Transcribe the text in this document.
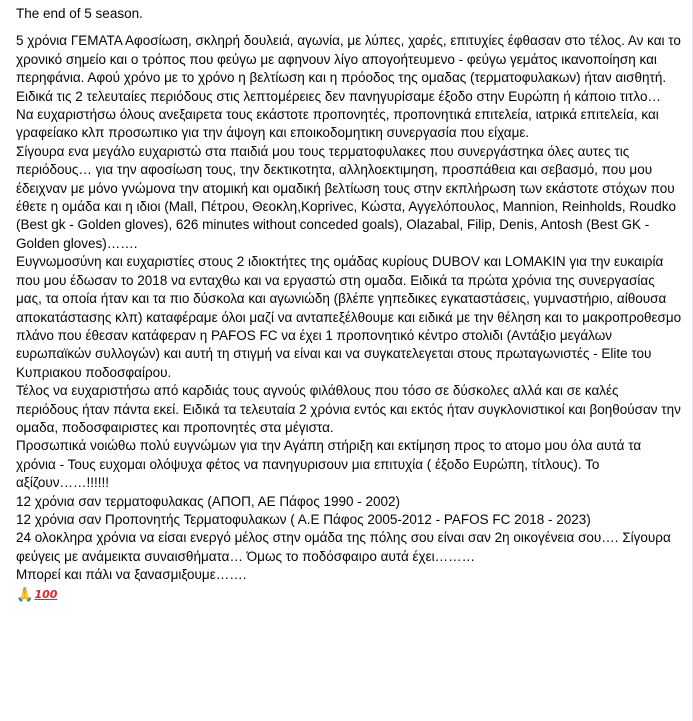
The end of 5 season.
5 χρόνια ΓΕΜΑΤΑ Αφοσίωση, σκληρή δουλειά, αγωνία, με λύπες, χαρές, επιτυχίες έφθασαν στο τέλος. Αν και το χρονικό σημείο και ο τρόπος που φεύγω με αφηνουν λίγο απογοήτευμενο - φεύγω γεμάτος ικανοποίηση και περηφάνια. Αφού χρόνο με το χρόνο η βελτίωση και η πρόοδος της ομαδας (τερματοφυλακων) ήταν αισθητή. Ειδικά τις 2 τελευταίες περιόδους στις λεπτομέρειες δεν πανηγυρίσαμε έξοδο στην Ευρώπη ή κάποιο τιτλο…
Να ευχαριστήσω όλους ανεξαιρετα τους εκάστοτε προπονητές, προπονητικά επιτελεία, ιατρικά επιτελεία, και γραφείακο κλπ προσωπικο για την άψογη και εποικοδομητικη συνεργασία που είχαμε.
Σίγουρα ενα μεγάλο ευχαριστώ στα παιδιά μου τους τερματοφυλακες που συνεργάστηκα όλες αυτες τις περιόδους… για την αφοσίωση τους, την δεκτικοτητα, αλληλοεκτιμηση, προσπάθεια και σεβασμό, που μου έδειχναν με μόνο γνώμονα την ατομική και ομαδική βελτίωση τους στην εκπλήρωση των εκάστοτε στόχων που έθετε η ομάδα και η ιδιοι (Mall, Πέτρου, Θεοκλη,Koprivec, Κώστα, Αγγελόπουλος, Mannion, Reinholds, Roudko (Best gk - Golden gloves), 626 minutes without conceded goals), Olazabal, Filip, Denis, Antosh (Best GK - Golden gloves)…….
Ευγνωμοσύνη και ευχαριστίες στους 2 ιδιοκτήτες της ομάδας κυρίους DUBOV και LOMAKIN για την ευκαιρία που μου έδωσαν το 2018 να ενταχθω και να εργαστώ στη ομαδα. Ειδικά τα πρώτα χρόνια της συνεργασίας μας, τα οποία ήταν και τα πιο δύσκολα και αγωνιώδη (βλέπε γηπεδικες εγκαταστάσεις, γυμναστήριο, αίθουσα αποκατάστασης κλπ) καταφέραμε όλοι μαζί να ανταπεξέλθουμε και ειδικά με την θέληση και το μακροπροθεσμο πλάνο που έθεσαν κατάφεραν η PAFOS FC να έχει 1 προπονητικό κέντρο στολιδι (Αντάξιο μεγάλων ευρωπαϊκών συλλογών) και αυτή τη στιγμή να είναι και να συγκατελεγεται στους πρωταγωνιστές - Elite του Κυπριακου ποδοσφαίρου.
Τέλος να ευχαριστήσω από καρδιάς τους αγνούς φιλάθλους που τόσο σε δύσκολες αλλά και σε καλές περιόδους ήταν πάντα εκεί. Ειδικά τα τελευταία 2 χρόνια εντός και εκτός ήταν συγκλονιστικοί και βοηθούσαν την ομαδα, ποδοσφαιριστες και προπονητές στα μέγιστα.
Προσωπικά νοιώθω πολύ ευγνώμων για την Αγάπη στήριξη και εκτίμηση προς το ατομο μου όλα αυτά τα χρόνια - Τους ευχομαι ολόψυχα φέτος να πανηγυρισουν μια επιτυχία ( έξοδο Ευρώπη, τίτλους). Το αξίζουν……!!!!!!
12 χρόνια σαν τερματοφυλακας (ΑΠΟΠ, ΑΕ Πάφος 1990 - 2002)
12 χρόνια σαν Προπονητής Τερματοφυλακων ( Α.Ε Πάφος 2005-2012 - PAFOS FC 2018 - 2023)
24 ολοκληρα χρόνια να είσαι ενεργό μέλος στην ομάδα της πόλης σου είναι σαν 2η οικογένεια σου…. Σίγουρα φεύγεις με ανάμεικτα συναισθήματα… Όμως το ποδόσφαιρο αυτά έχει………
Μπορεί και πάλι να ξανασμιξουμε…….
🙏100
